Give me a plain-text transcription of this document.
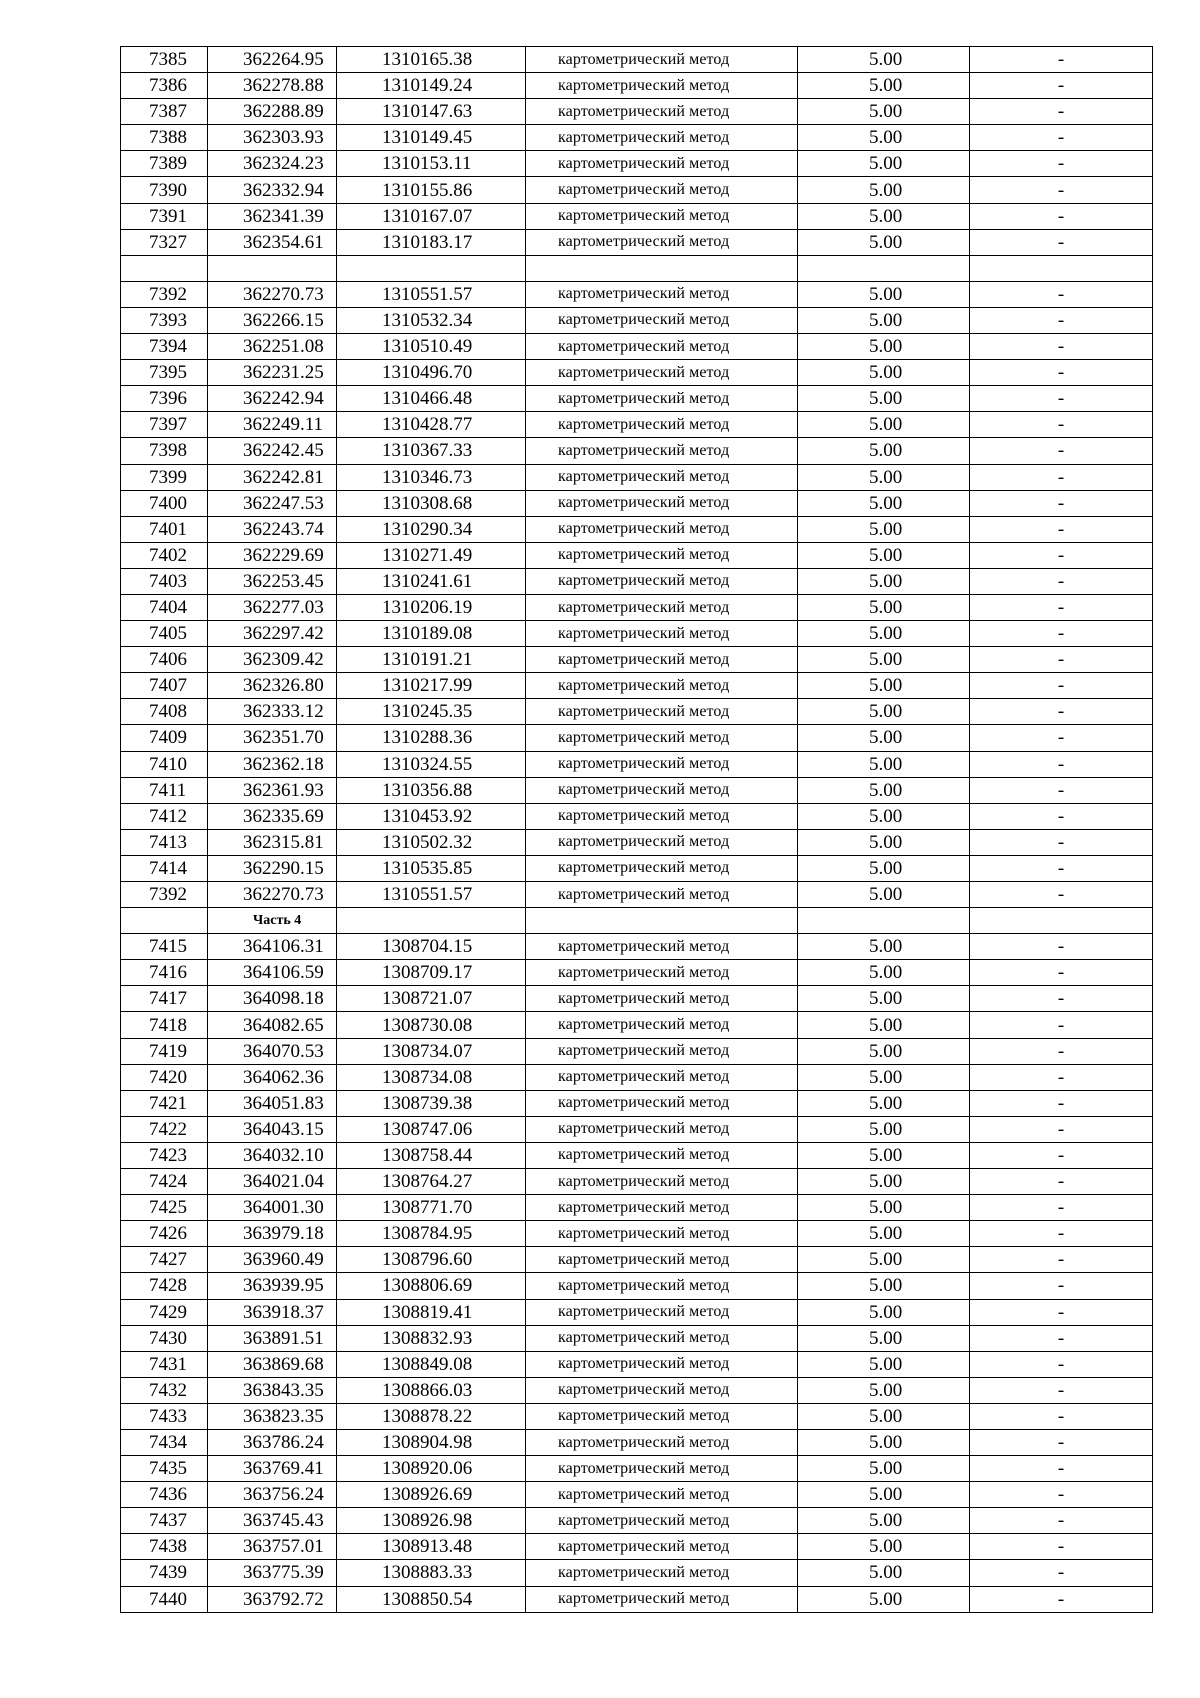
7385	362264.95	1310165.38	картометрический метод	5.00	-
7386	362278.88	1310149.24	картометрический метод	5.00	-
7387	362288.89	1310147.63	картометрический метод	5.00	-
7388	362303.93	1310149.45	картометрический метод	5.00	-
7389	362324.23	1310153.11	картометрический метод	5.00	-
7390	362332.94	1310155.86	картометрический метод	5.00	-
7391	362341.39	1310167.07	картометрический метод	5.00	-
7327	362354.61	1310183.17	картометрический метод	5.00	-

7392	362270.73	1310551.57	картометрический метод	5.00	-
7393	362266.15	1310532.34	картометрический метод	5.00	-
7394	362251.08	1310510.49	картометрический метод	5.00	-
7395	362231.25	1310496.70	картометрический метод	5.00	-
7396	362242.94	1310466.48	картометрический метод	5.00	-
7397	362249.11	1310428.77	картометрический метод	5.00	-
7398	362242.45	1310367.33	картометрический метод	5.00	-
7399	362242.81	1310346.73	картометрический метод	5.00	-
7400	362247.53	1310308.68	картометрический метод	5.00	-
7401	362243.74	1310290.34	картометрический метод	5.00	-
7402	362229.69	1310271.49	картометрический метод	5.00	-
7403	362253.45	1310241.61	картометрический метод	5.00	-
7404	362277.03	1310206.19	картометрический метод	5.00	-
7405	362297.42	1310189.08	картометрический метод	5.00	-
7406	362309.42	1310191.21	картометрический метод	5.00	-
7407	362326.80	1310217.99	картометрический метод	5.00	-
7408	362333.12	1310245.35	картометрический метод	5.00	-
7409	362351.70	1310288.36	картометрический метод	5.00	-
7410	362362.18	1310324.55	картометрический метод	5.00	-
7411	362361.93	1310356.88	картометрический метод	5.00	-
7412	362335.69	1310453.92	картометрический метод	5.00	-
7413	362315.81	1310502.32	картометрический метод	5.00	-
7414	362290.15	1310535.85	картометрический метод	5.00	-
7392	362270.73	1310551.57	картометрический метод	5.00	-
	Часть 4				
7415	364106.31	1308704.15	картометрический метод	5.00	-
7416	364106.59	1308709.17	картометрический метод	5.00	-
7417	364098.18	1308721.07	картометрический метод	5.00	-
7418	364082.65	1308730.08	картометрический метод	5.00	-
7419	364070.53	1308734.07	картометрический метод	5.00	-
7420	364062.36	1308734.08	картометрический метод	5.00	-
7421	364051.83	1308739.38	картометрический метод	5.00	-
7422	364043.15	1308747.06	картометрический метод	5.00	-
7423	364032.10	1308758.44	картометрический метод	5.00	-
7424	364021.04	1308764.27	картометрический метод	5.00	-
7425	364001.30	1308771.70	картометрический метод	5.00	-
7426	363979.18	1308784.95	картометрический метод	5.00	-
7427	363960.49	1308796.60	картометрический метод	5.00	-
7428	363939.95	1308806.69	картометрический метод	5.00	-
7429	363918.37	1308819.41	картометрический метод	5.00	-
7430	363891.51	1308832.93	картометрический метод	5.00	-
7431	363869.68	1308849.08	картометрический метод	5.00	-
7432	363843.35	1308866.03	картометрический метод	5.00	-
7433	363823.35	1308878.22	картометрический метод	5.00	-
7434	363786.24	1308904.98	картометрический метод	5.00	-
7435	363769.41	1308920.06	картометрический метод	5.00	-
7436	363756.24	1308926.69	картометрический метод	5.00	-
7437	363745.43	1308926.98	картометрический метод	5.00	-
7438	363757.01	1308913.48	картометрический метод	5.00	-
7439	363775.39	1308883.33	картометрический метод	5.00	-
7440	363792.72	1308850.54	картометрический метод	5.00	-
